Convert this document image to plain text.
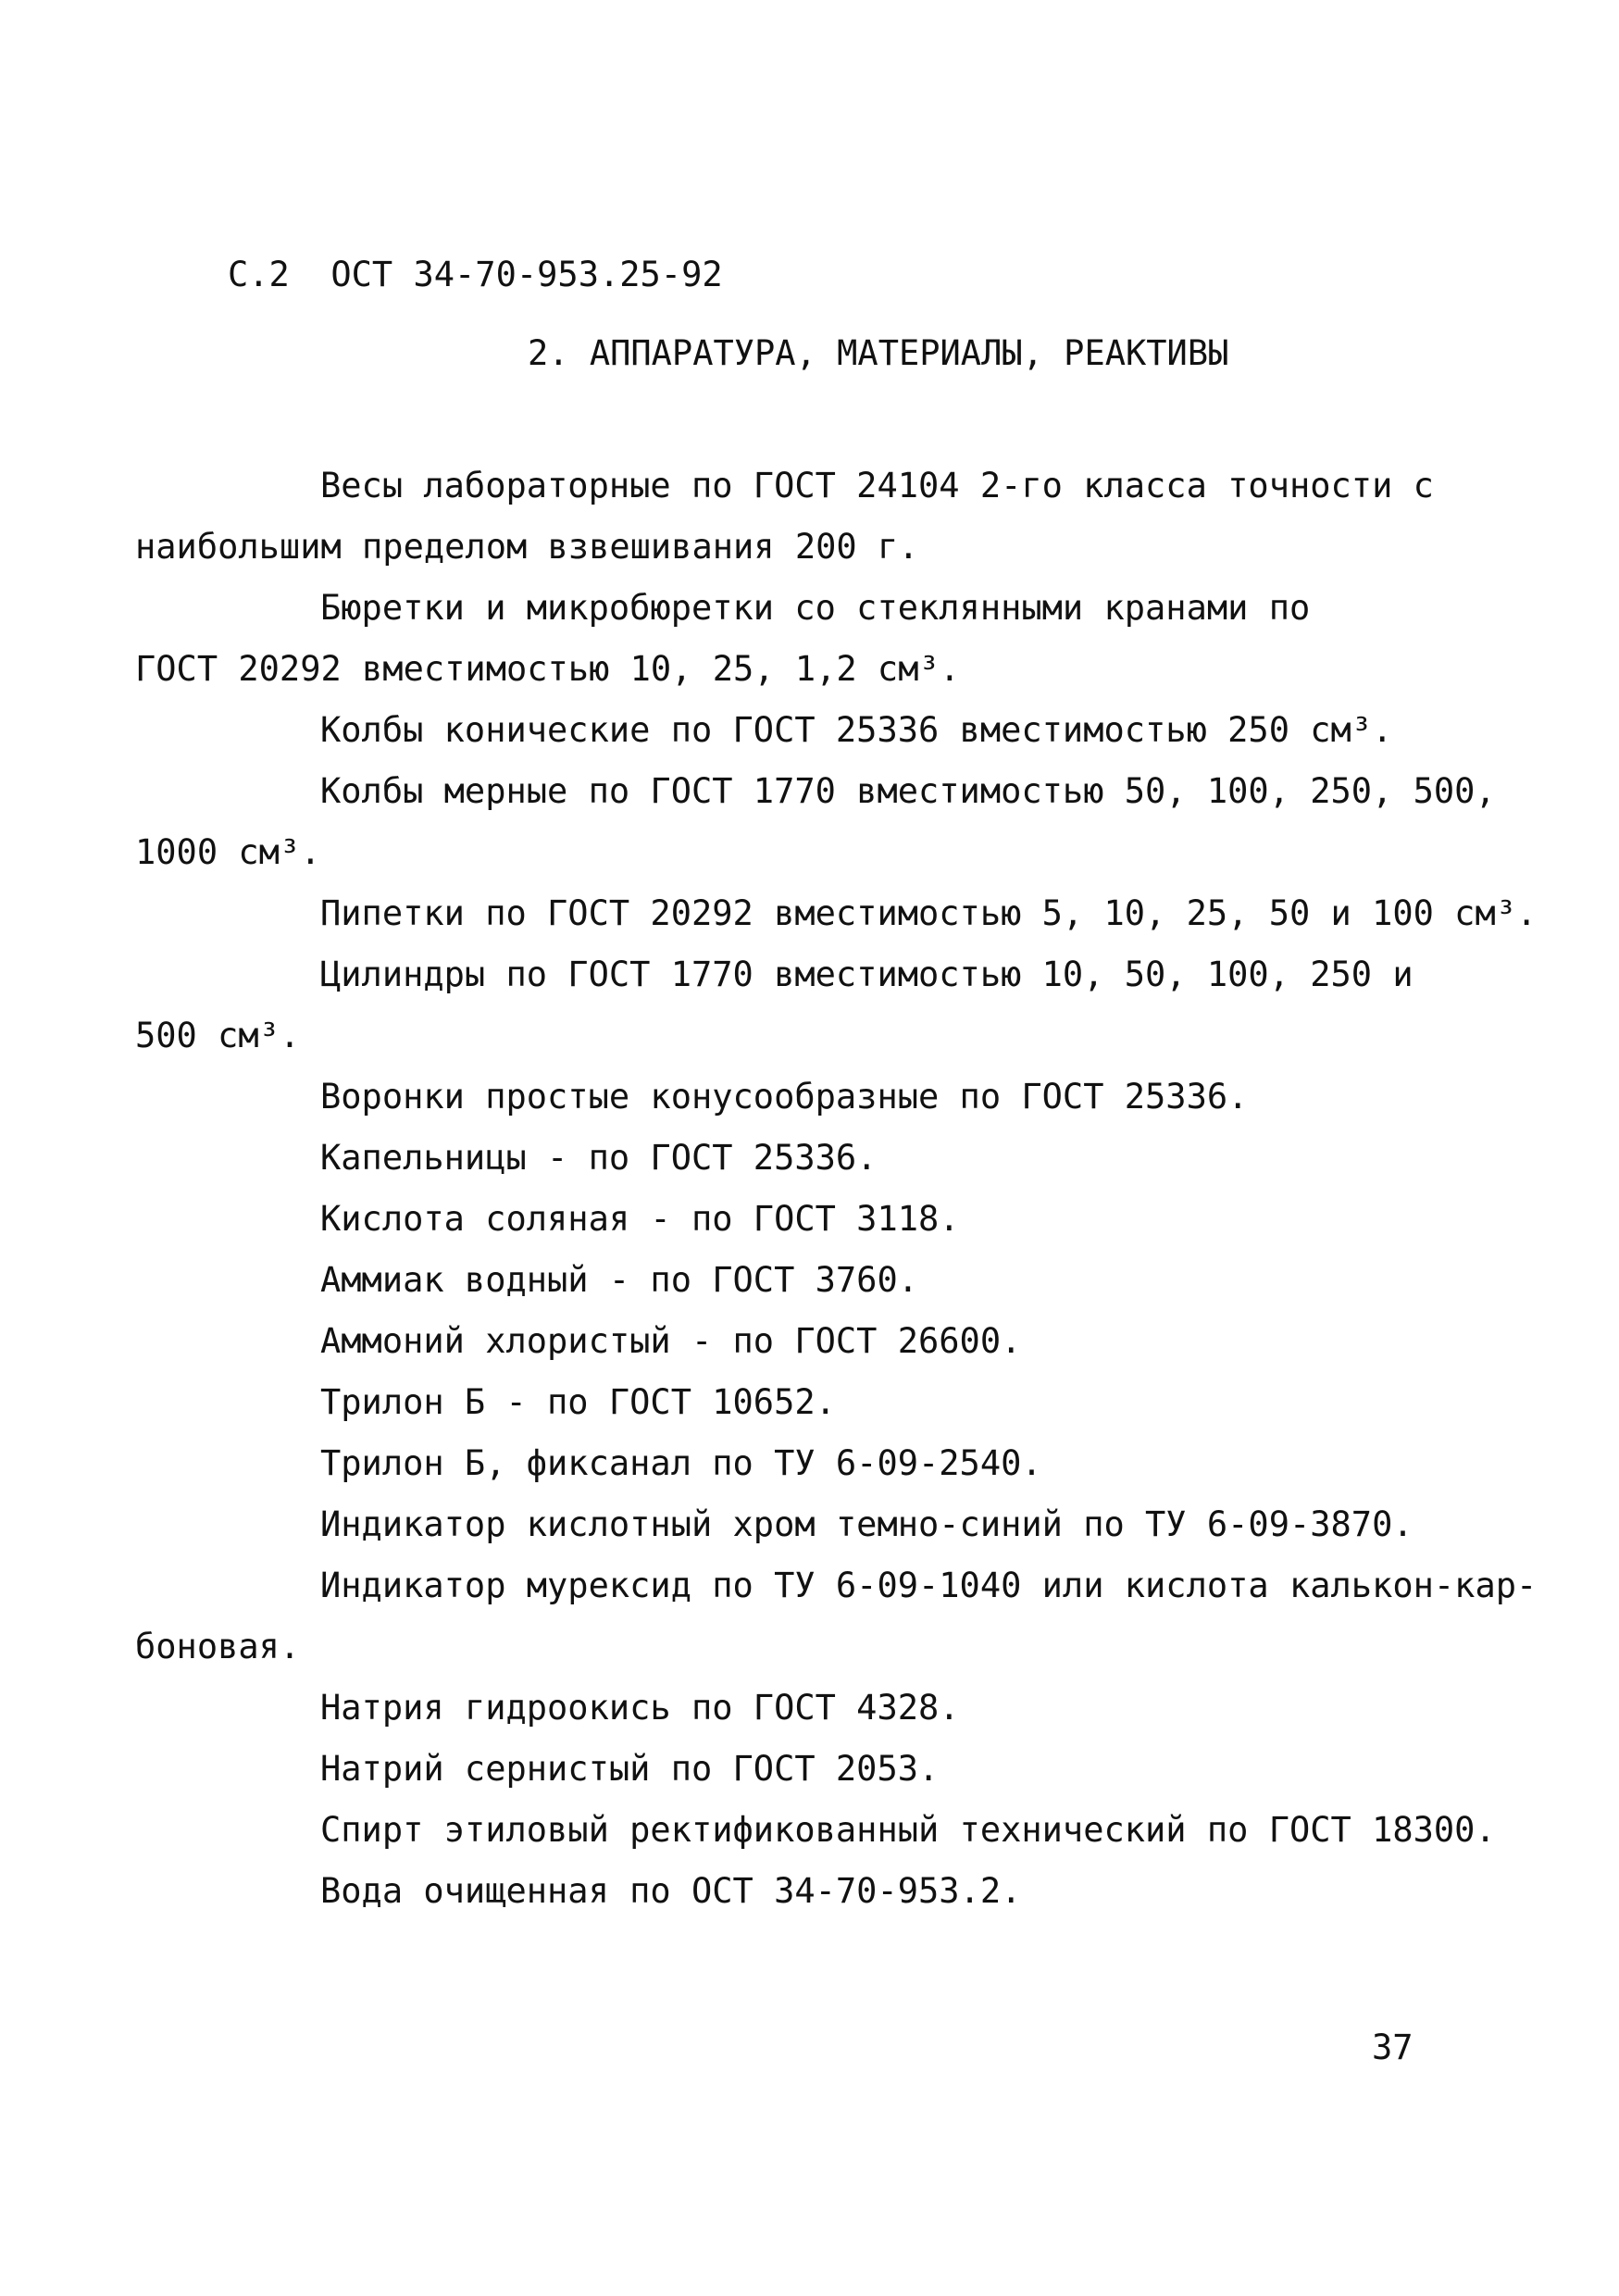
С.2  ОСТ 34-70-953.25-92
2. АППАРАТУРА, МАТЕРИАЛЫ, РЕАКТИВЫ

Весы лабораторные по ГОСТ 24104 2-го класса точности с
наибольшим пределом взвешивания 200 г.

Бюретки и микробюретки со стеклянными кранами по
ГОСТ 20292 вместимостью 10, 25, 1,2 см³.

Колбы конические по ГОСТ 25336 вместимостью 250 см³.

Колбы мерные по ГОСТ 1770 вместимостью 50, 100, 250, 500,
1000 см³.

Пипетки по ГОСТ 20292 вместимостью 5, 10, 25, 50 и 100 см³.

Цилиндры по ГОСТ 1770 вместимостью 10, 50, 100, 250 и
500 см³.

Воронки простые конусообразные по ГОСТ 25336.

Капельницы - по ГОСТ 25336.

Кислота соляная - по ГОСТ 3118.

Аммиак водный - по ГОСТ 3760.

Аммоний хлористый - по ГОСТ 26600.

Трилон Б - по ГОСТ 10652.

Трилон Б, фиксанал по ТУ 6-09-2540.

Индикатор кислотный хром темно-синий по ТУ 6-09-3870.

Индикатор мурексид по ТУ 6-09-1040 или кислота калькон-кар-
боновая.

Натрия гидроокись по ГОСТ 4328.

Натрий сернистый по ГОСТ 2053.

Спирт этиловый ректификованный технический по ГОСТ 18300.

Вода очищенная по ОСТ 34-70-953.2.

37
